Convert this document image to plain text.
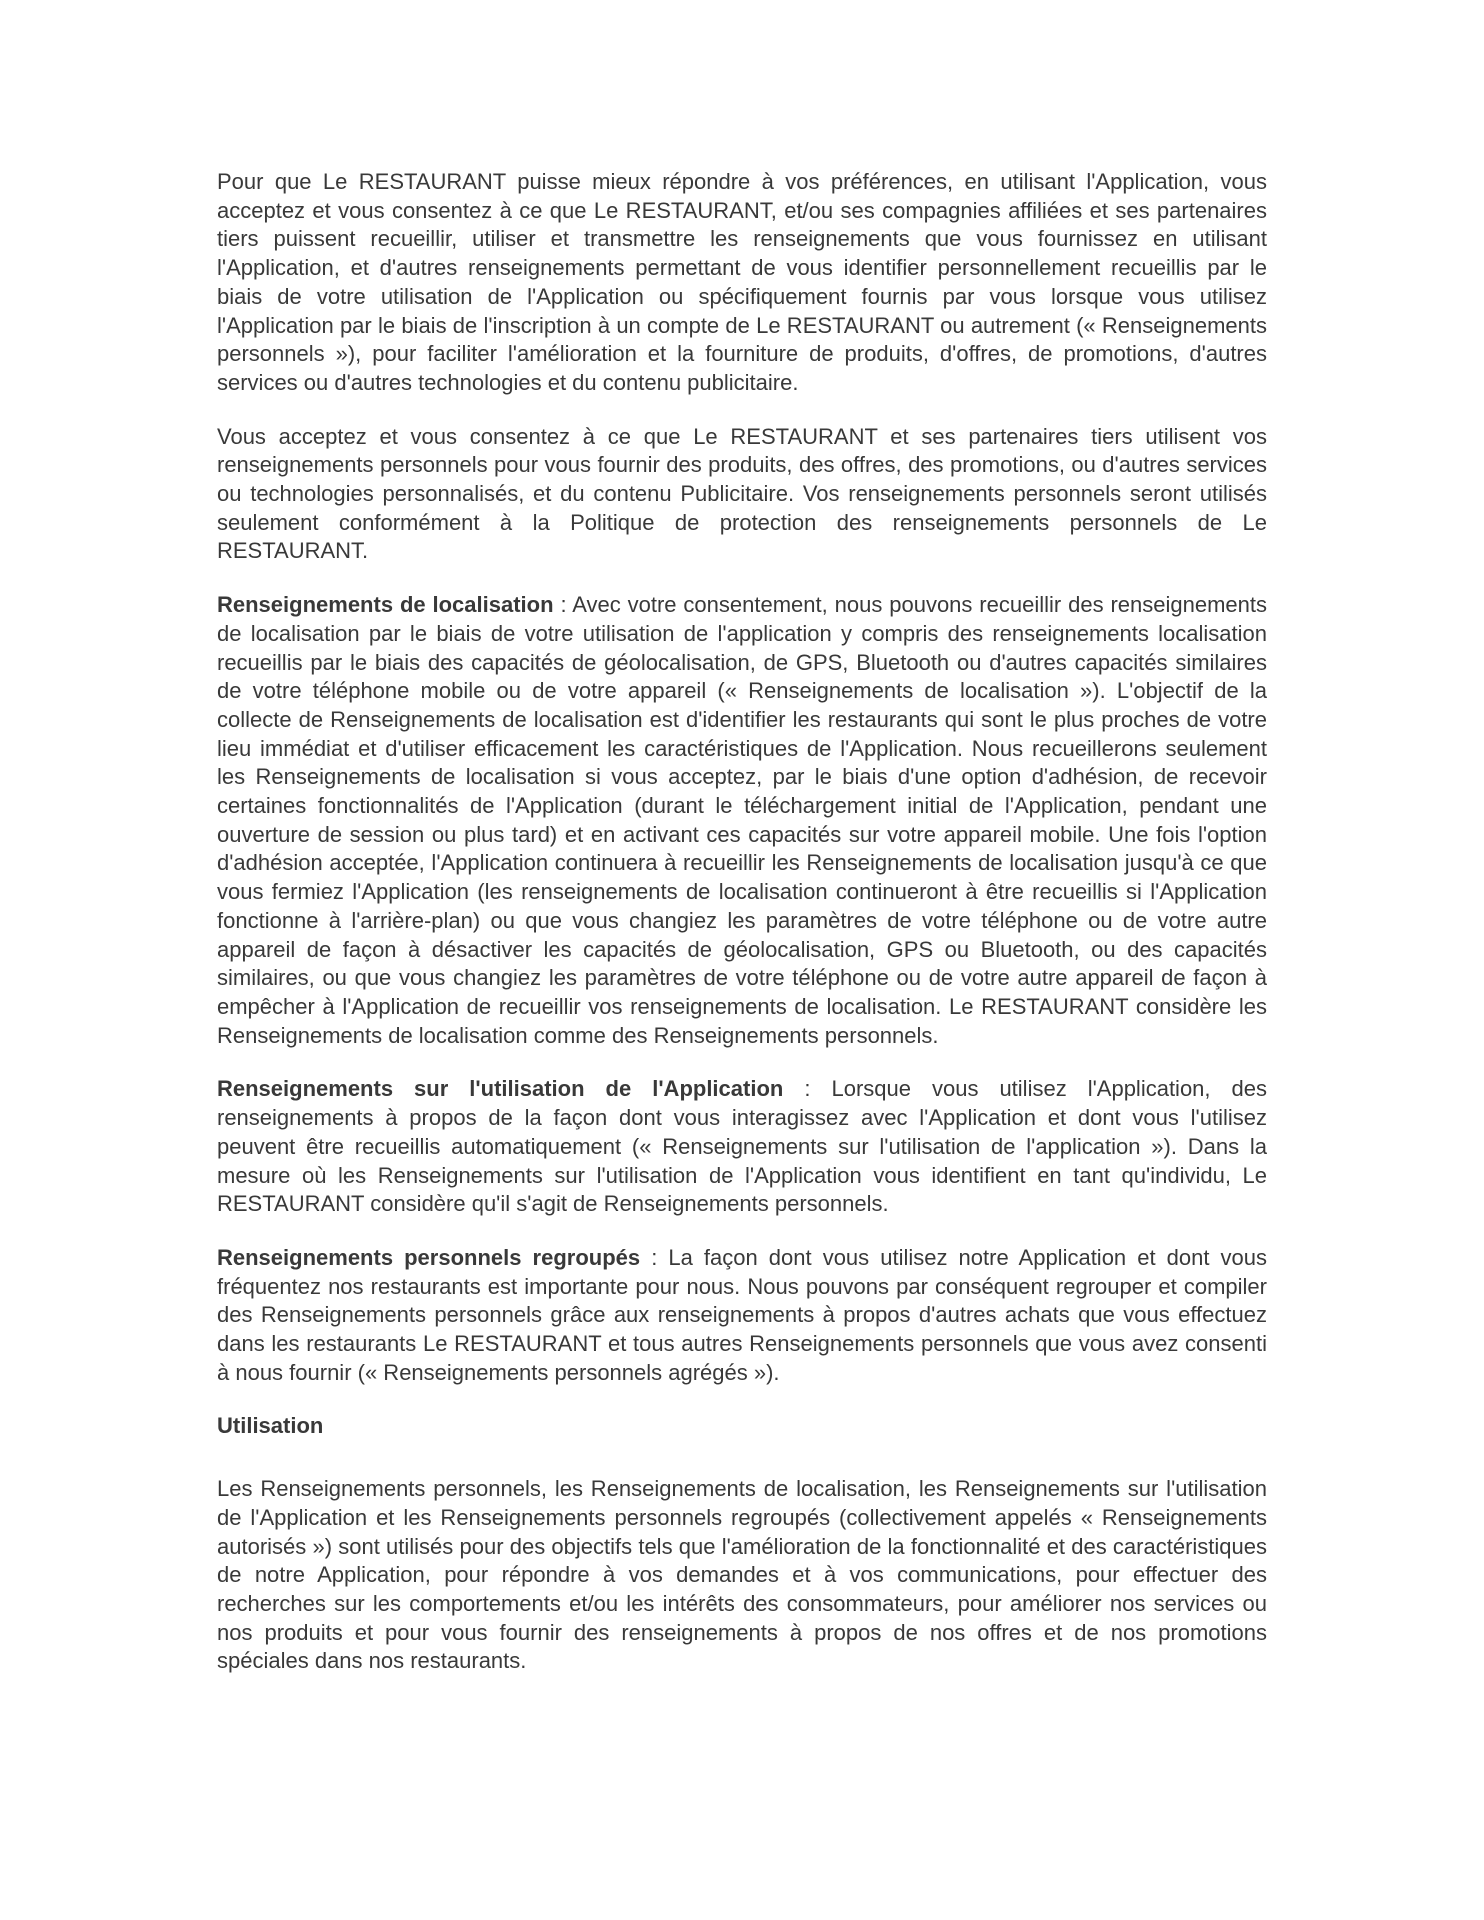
Pour que Le RESTAURANT puisse mieux répondre à vos préférences, en utilisant l'Application, vous acceptez et vous consentez à ce que Le RESTAURANT, et/ou ses compagnies affiliées et ses partenaires tiers puissent recueillir, utiliser et transmettre les renseignements que vous fournissez en utilisant l'Application, et d'autres renseignements permettant de vous identifier personnellement recueillis par le biais de votre utilisation de l'Application ou spécifiquement fournis par vous lorsque vous utilisez l'Application par le biais de l'inscription à un compte de Le RESTAURANT ou autrement (« Renseignements personnels »), pour faciliter l'amélioration et la fourniture de produits, d'offres, de promotions, d'autres services ou d'autres technologies et du contenu publicitaire.

Vous acceptez et vous consentez à ce que Le RESTAURANT et ses partenaires tiers utilisent vos renseignements personnels pour vous fournir des produits, des offres, des promotions, ou d'autres services ou technologies personnalisés, et du contenu Publicitaire. Vos renseignements personnels seront utilisés seulement conformément à la Politique de protection des renseignements personnels de Le RESTAURANT.

Renseignements de localisation : Avec votre consentement, nous pouvons recueillir des renseignements de localisation par le biais de votre utilisation de l'application y compris des renseignements localisation recueillis par le biais des capacités de géolocalisation, de GPS, Bluetooth ou d'autres capacités similaires de votre téléphone mobile ou de votre appareil (« Renseignements de localisation »). L'objectif de la collecte de Renseignements de localisation est d'identifier les restaurants qui sont le plus proches de votre lieu immédiat et d'utiliser efficacement les caractéristiques de l'Application. Nous recueillerons seulement les Renseignements de localisation si vous acceptez, par le biais d'une option d'adhésion, de recevoir certaines fonctionnalités de l'Application (durant le téléchargement initial de l'Application, pendant une ouverture de session ou plus tard) et en activant ces capacités sur votre appareil mobile. Une fois l'option d'adhésion acceptée, l'Application continuera à recueillir les Renseignements de localisation jusqu'à ce que vous fermiez l'Application (les renseignements de localisation continueront à être recueillis si l'Application fonctionne à l'arrière-plan) ou que vous changiez les paramètres de votre téléphone ou de votre autre appareil de façon à désactiver les capacités de géolocalisation, GPS ou Bluetooth, ou des capacités similaires, ou que vous changiez les paramètres de votre téléphone ou de votre autre appareil de façon à empêcher à l'Application de recueillir vos renseignements de localisation. Le RESTAURANT considère les Renseignements de localisation comme des Renseignements personnels.

Renseignements sur l'utilisation de l'Application : Lorsque vous utilisez l'Application, des renseignements à propos de la façon dont vous interagissez avec l'Application et dont vous l'utilisez peuvent être recueillis automatiquement (« Renseignements sur l'utilisation de l'application »). Dans la mesure où les Renseignements sur l'utilisation de l'Application vous identifient en tant qu'individu, Le RESTAURANT considère qu'il s'agit de Renseignements personnels.

Renseignements personnels regroupés : La façon dont vous utilisez notre Application et dont vous fréquentez nos restaurants est importante pour nous. Nous pouvons par conséquent regrouper et compiler des Renseignements personnels grâce aux renseignements à propos d'autres achats que vous effectuez dans les restaurants Le RESTAURANT et tous autres Renseignements personnels que vous avez consenti à nous fournir (« Renseignements personnels agrégés »).

Utilisation

Les Renseignements personnels, les Renseignements de localisation, les Renseignements sur l'utilisation de l'Application et les Renseignements personnels regroupés (collectivement appelés « Renseignements autorisés ») sont utilisés pour des objectifs tels que l'amélioration de la fonctionnalité et des caractéristiques de notre Application, pour répondre à vos demandes et à vos communications, pour effectuer des recherches sur les comportements et/ou les intérêts des consommateurs, pour améliorer nos services ou nos produits et pour vous fournir des renseignements à propos de nos offres et de nos promotions spéciales dans nos restaurants.
